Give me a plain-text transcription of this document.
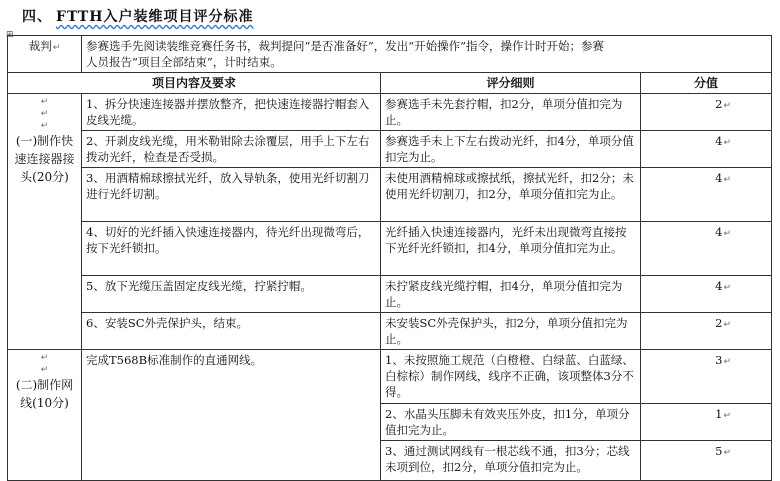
四、 FTTH入户装维项目评分标准
⊞
裁判↵	参赛选手先阅读装维竞赛任务书，裁判提问“是否准备好”，发出“开始操作”指令，操作计时开始；参赛
人员报告“项目全部结束”，计时结束。		

项目内容及要求		评分细则	分值

↵
↵
↵
(一)制作快速连接器接头(20分)	1、拆分快速连接器并摆放整齐，把快速连接器拧帽套入皮线光缆。	参赛选手未先套拧帽，扣2分，单项分值扣完为止。	2↵
	2、开剥皮线光缆，用米勒钳除去涂覆层，用手上下左右拨动光纤，检查是否受损。	参赛选手未上下左右拨动光纤，扣4分，单项分值扣完为止。	4↵
	3、用酒精棉球擦拭光纤，放入导轨条，使用光纤切割刀进行光纤切割。	未使用酒精棉球或擦拭纸，擦拭光纤，扣2分；未使用光纤切割刀，扣2分，单项分值扣完为止。	4↵
	4、切好的光纤插入快速连接器内，待光纤出现微弯后，按下光纤锁扣。	光纤插入快速连接器内，光纤未出现微弯直接按下光纤光纤锁扣，扣4分，单项分值扣完为止。	4↵
	5、放下光缆压盖固定皮线光缆，拧紧拧帽。	未拧紧皮线光缆拧帽，扣4分，单项分值扣完为止。	4↵
	6、安装SC外壳保护头，结束。	未安装SC外壳保护头，扣2分，单项分值扣完为止。	2↵

↵
↵
(二)制作网线(10分)	完成T568B标准制作的直通网线。	1、未按照施工规范（白橙橙、白绿蓝、白蓝绿、白棕棕）制作网线，线序不正确，该项整体3分不得。	3↵
		2、水晶头压脚未有效夹压外皮，扣1分，单项分值扣完为止。	1↵
		3、通过测试网线有一根芯线不通，扣3分；芯线未项到位，扣2分，单项分值扣完为止。	5↵
